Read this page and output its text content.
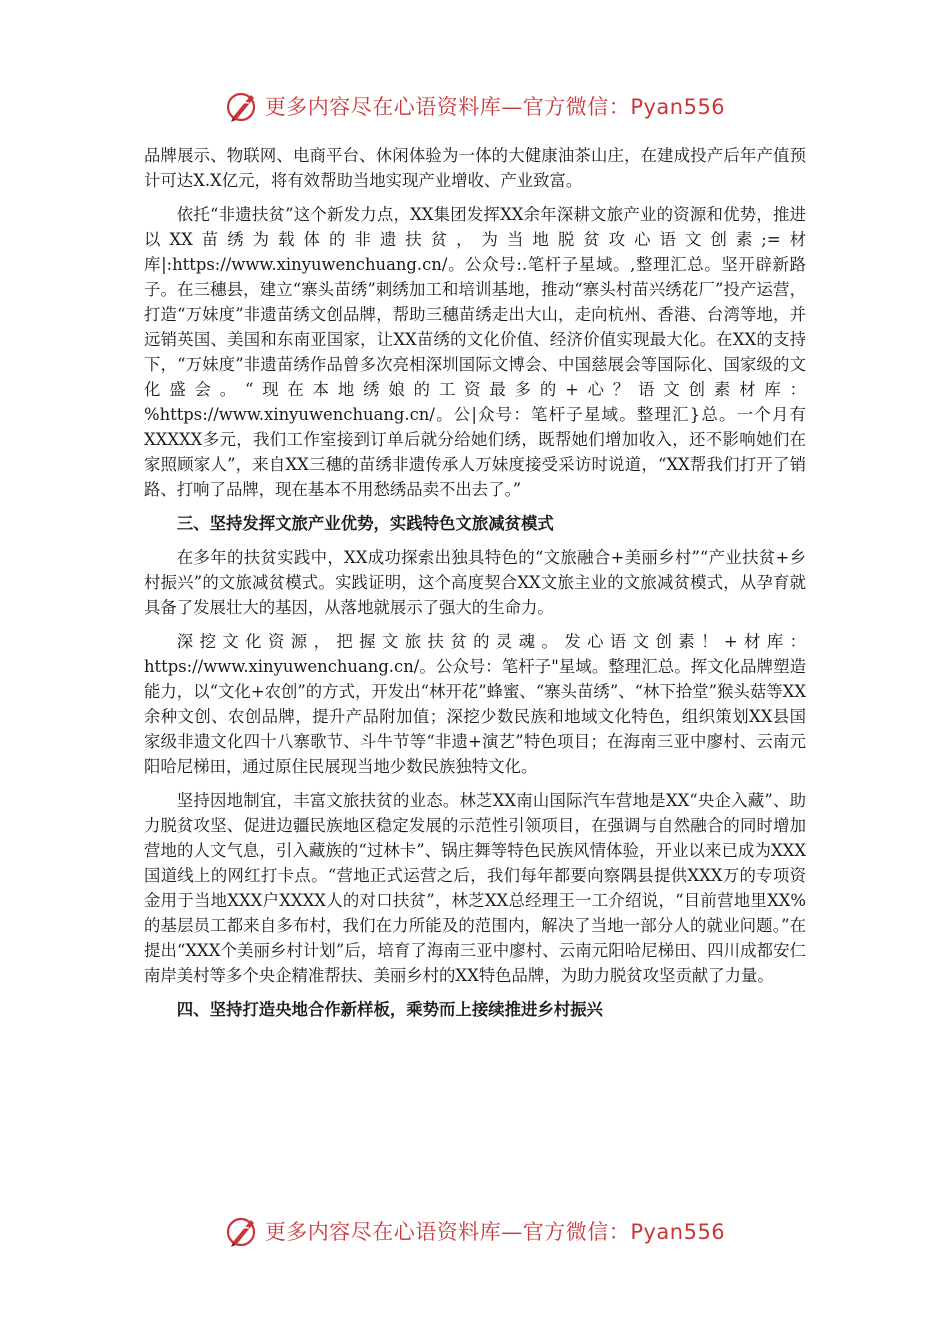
更多内容尽在心语资料库—官方微信：Pyan556

品牌展示、物联网、电商平台、休闲体验为一体的大健康油茶山庄，在建成投产后年产值预计可达X.X亿元，将有效帮助当地实现产业增收、产业致富。

依托“非遗扶贫”这个新发力点，XX集团发挥XX余年深耕文旅产业的资源和优势，推进以XX苗绣为载体的非遗扶贫，为当地脱贫攻心语文创素;=材库|:https://www.xinyuwenchuang.cn/。公众号:.笔杆子星域。,整理汇总。坚开辟新路子。在三穗县，建立“寨头苗绣”刺绣加工和培训基地，推动“寨头村苗兴绣花厂”投产运营，打造“万妹度”非遗苗绣文创品牌，帮助三穗苗绣走出大山，走向杭州、香港、台湾等地，并远销英国、美国和东南亚国家，让XX苗绣的文化价值、经济价值实现最大化。在XX的支持下，“万妹度”非遗苗绣作品曾多次亮相深圳国际文博会、中国慈展会等国际化、国家级的文化盛会。“现在本地绣娘的工资最多的+心？语文创素材库：%https://www.xinyuwenchuang.cn/。公|众号：笔杆子星域。整理汇}总。一个月有XXXXX多元，我们工作室接到订单后就分给她们绣，既帮她们增加收入，还不影响她们在家照顾家人”，来自XX三穗的苗绣非遗传承人万妹度接受采访时说道，“XX帮我们打开了销路、打响了品牌，现在基本不用愁绣品卖不出去了。”

三、坚持发挥文旅产业优势，实践特色文旅减贫模式

在多年的扶贫实践中，XX成功探索出独具特色的“文旅融合+美丽乡村”“产业扶贫+乡村振兴”的文旅减贫模式。实践证明，这个高度契合XX文旅主业的文旅减贫模式，从孕育就具备了发展壮大的基因，从落地就展示了强大的生命力。

深挖文化资源，把握文旅扶贫的灵魂。发心语文创素！+材库：https://www.xinyuwenchuang.cn/。公众号：笔杆子"星域。整理汇总。挥文化品牌塑造能力，以“文化+农创”的方式，开发出“林开花”蜂蜜、“寨头苗绣”、“林下拾堂”猴头菇等XX余种文创、农创品牌，提升产品附加值；深挖少数民族和地域文化特色，组织策划XX县国家级非遗文化四十八寨歌节、斗牛节等“非遗+演艺”特色项目；在海南三亚中廖村、云南元阳哈尼梯田，通过原住民展现当地少数民族独特文化。

坚持因地制宜，丰富文旅扶贫的业态。林芝XX南山国际汽车营地是XX“央企入藏”、助力脱贫攻坚、促进边疆民族地区稳定发展的示范性引领项目，在强调与自然融合的同时增加营地的人文气息，引入藏族的“过林卡”、锅庄舞等特色民族风情体验，开业以来已成为XXX国道线上的网红打卡点。“营地正式运营之后，我们每年都要向察隅县提供XXX万的专项资金用于当地XXX户XXXX人的对口扶贫”，林芝XX总经理王一工介绍说，“目前营地里XX%的基层员工都来自多布村，我们在力所能及的范围内，解决了当地一部分人的就业问题。”在提出“XXX个美丽乡村计划”后，培育了海南三亚中廖村、云南元阳哈尼梯田、四川成都安仁南岸美村等多个央企精准帮扶、美丽乡村的XX特色品牌，为助力脱贫攻坚贡献了力量。

四、坚持打造央地合作新样板，乘势而上接续推进乡村振兴

更多内容尽在心语资料库—官方微信：Pyan556
